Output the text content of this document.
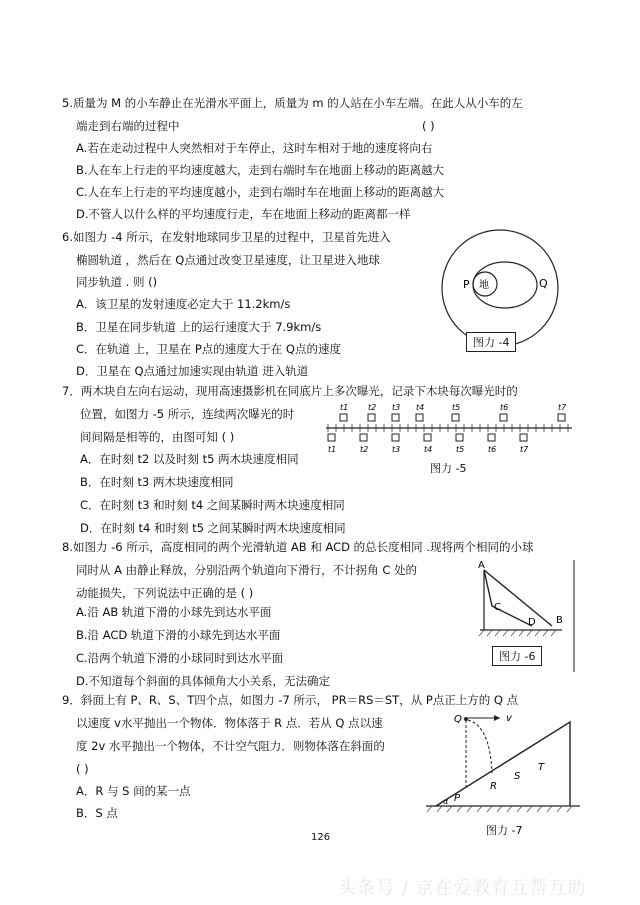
5.质量为 M 的小车静止在光滑水平面上，质量为 m 的人站在小车左端。在此人从小车的左
端走到右端的过程中	( )
A.若在走动过程中人突然相对于车停止，这时车相对于地的速度将向右
B.人在车上行走的平均速度越大，走到右端时车在地面上移动的距离越大
C.人在车上行走的平均速度越小，走到右端时车在地面上移动的距离越大
D.不管人以什么样的平均速度行走，车在地面上移动的距离都一样
6.如图力 -4 所示，在发射地球同步卫星的过程中，卫星首先进入
椭圆轨道 ，然后在 Q点通过改变卫星速度，让卫星进入地球
同步轨道 . 则 ()
A．该卫星的发射速度必定大于 11.2km/s
B．卫星在同步轨道 上的运行速度大于 7.9km/s
C．在轨道 上，卫星在 P点的速度大于在 Q点的速度
D．卫星在 Q点通过加速实现由轨道 进入轨道
地
P	Q
图力 -4
7．两木块自左向右运动，现用高速摄影机在同底片上多次曝光，记录下木块每次曝光时的
位置，如图力 -5 所示，连续两次曝光的时
间间隔是相等的，由图可知 ( )
A．在时刻 t2 以及时刻 t5 两木块速度相同
B．在时刻 t3 两木块速度相同
C．在时刻 t3 和时刻 t4 之间某瞬时两木块速度相同
D．在时刻 t4 和时刻 t5 之间某瞬时两木块速度相同
t1 t2 t3 t4	t5	t6	t7
t1	t2	t3	t4	t5	t6	t7
图力 -5
8.如图力 -6 所示，高度相同的两个光滑轨道 AB 和 ACD 的总长度相同 .现将两个相同的小球
同时从 A 由静止释放，分别沿两个轨道向下滑行，不计拐角 C 处的
动能损失，下列说法中正确的是 ( )
A.沿 AB 轨道下滑的小球先到达水平面
B.沿 ACD 轨道下滑的小球先到达水平面
C.沿两个轨道下滑的小球同时到达水平面
D.不知道每个斜面的具体倾角大小关系，无法确定
A
B
C
D
图力 -6
9．斜面上有 P、R、S、T四个点，如图力 -7 所示， PR＝RS＝ST，从 P点正上方的 Q 点
以速度 v水平抛出一个物体．物体落于 R 点．若从 Q 点以速
度 2v 水平抛出一个物体，不计空气阻力．则物体落在斜面的
( )
A．R 与 S 间的某一点
B．S 点
Q	v
P
R
S
T
α
图力 -7
126
头条号 / 京在爱教育互帮互助
